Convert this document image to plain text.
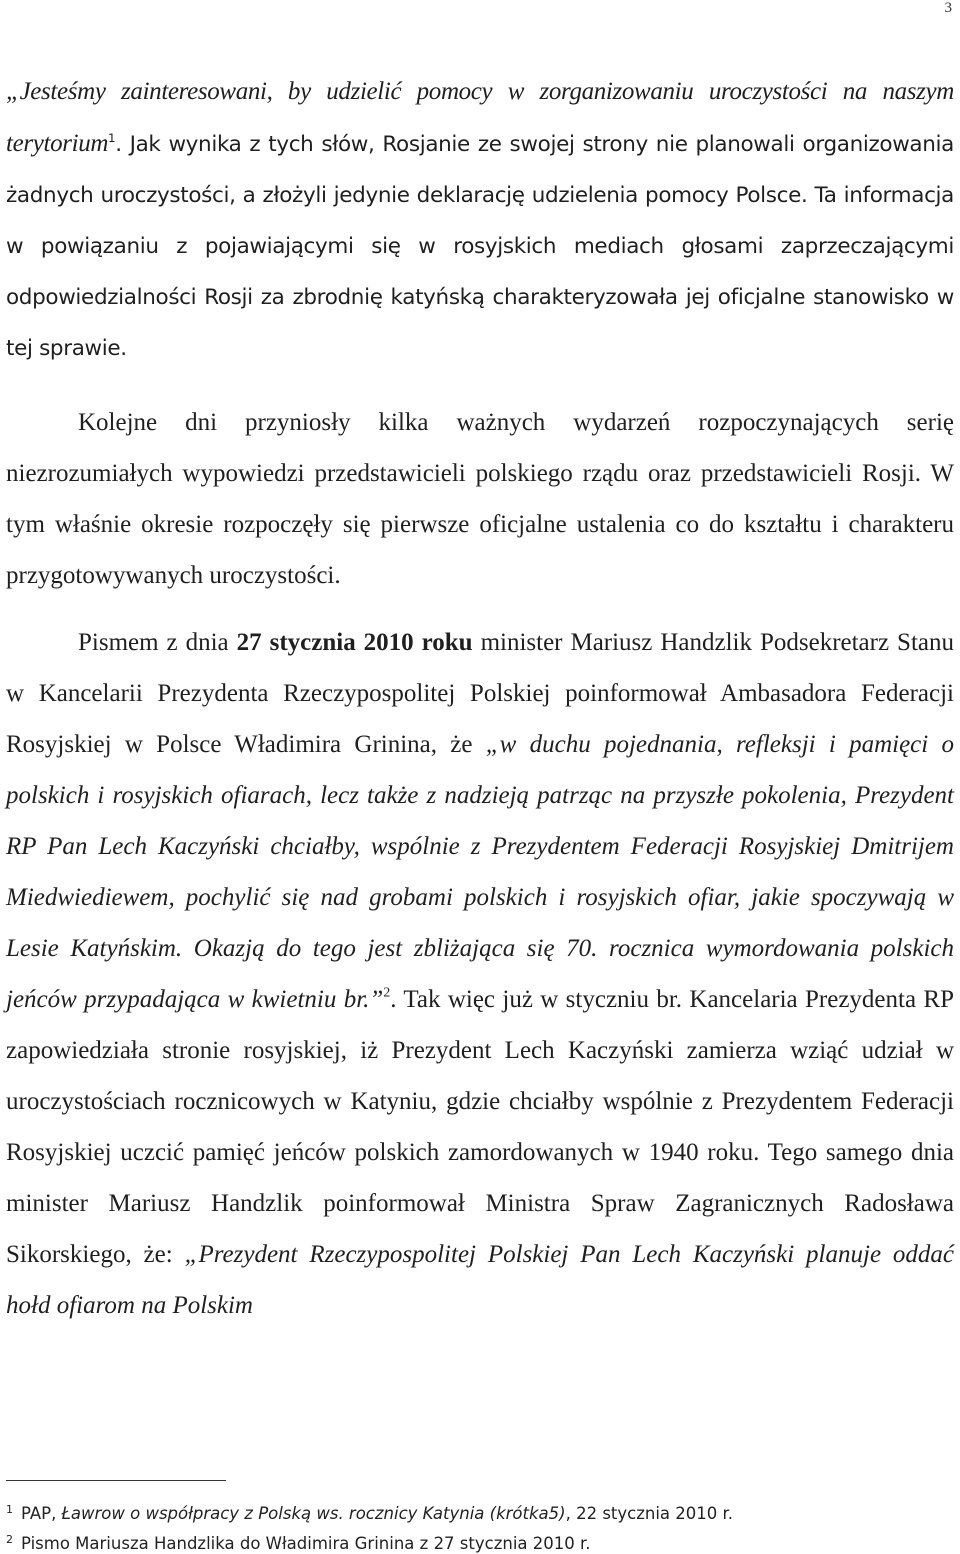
3

„Jesteśmy zainteresowani, by udzielić pomocy w zorganizowaniu uroczystości na naszym terytorium$^1$. Jak wynika z tych słów, Rosjanie ze swojej strony nie planowali organizowania żadnych uroczystości, a złożyli jedynie deklarację udzielenia pomocy Polsce. Ta informacja w powiązaniu z pojawiającymi się w rosyjskich mediach głosami zaprzeczającymi odpowiedzialności Rosji za zbrodnię katyńską charakteryzowała jej oficjalne stanowisko w tej sprawie.

Kolejne dni przyniosły kilka ważnych wydarzeń rozpoczynających serię niezrozumiałych wypowiedzi przedstawicieli polskiego rządu oraz przedstawicieli Rosji. W tym właśnie okresie rozpoczęły się pierwsze oficjalne ustalenia co do kształtu i charakteru przygotowywanych uroczystości.

Pismem z dnia 27 stycznia 2010 roku minister Mariusz Handzlik Podsekretarz Stanu w Kancelarii Prezydenta Rzeczypospolitej Polskiej poinformował Ambasadora Federacji Rosyjskiej w Polsce Władimira Grinina, że „w duchu pojednania, refleksji i pamięci o polskich i rosyjskich ofiarach, lecz także z nadzieją patrząc na przyszłe pokolenia, Prezydent RP Pan Lech Kaczyński chciałby, wspólnie z Prezydentem Federacji Rosyjskiej Dmitrijem Miedwiediewem, pochylić się nad grobami polskich i rosyjskich ofiar, jakie spoczywają w Lesie Katyńskim. Okazją do tego jest zbliżająca się 70. rocznica wymordowania polskich jeńców przypadająca w kwietniu br.”$^2$. Tak więc już w styczniu br. Kancelaria Prezydenta RP zapowiedziała stronie rosyjskiej, iż Prezydent Lech Kaczyński zamierza wziąć udział w uroczystościach rocznicowych w Katyniu, gdzie chciałby wspólnie z Prezydentem Federacji Rosyjskiej uczcić pamięć jeńców polskich zamordowanych w 1940 roku. Tego samego dnia minister Mariusz Handzlik poinformował Ministra Spraw Zagranicznych Radosława Sikorskiego, że: „Prezydent Rzeczypospolitej Polskiej Pan Lech Kaczyński planuje oddać hołd ofiarom na Polskim

$^1$ PAP, Ławrow o współpracy z Polską ws. rocznicy Katynia (krótka5), 22 stycznia 2010 r.

$^2$ Pismo Mariusza Handzlika do Władimira Grinina z 27 stycznia 2010 r.
